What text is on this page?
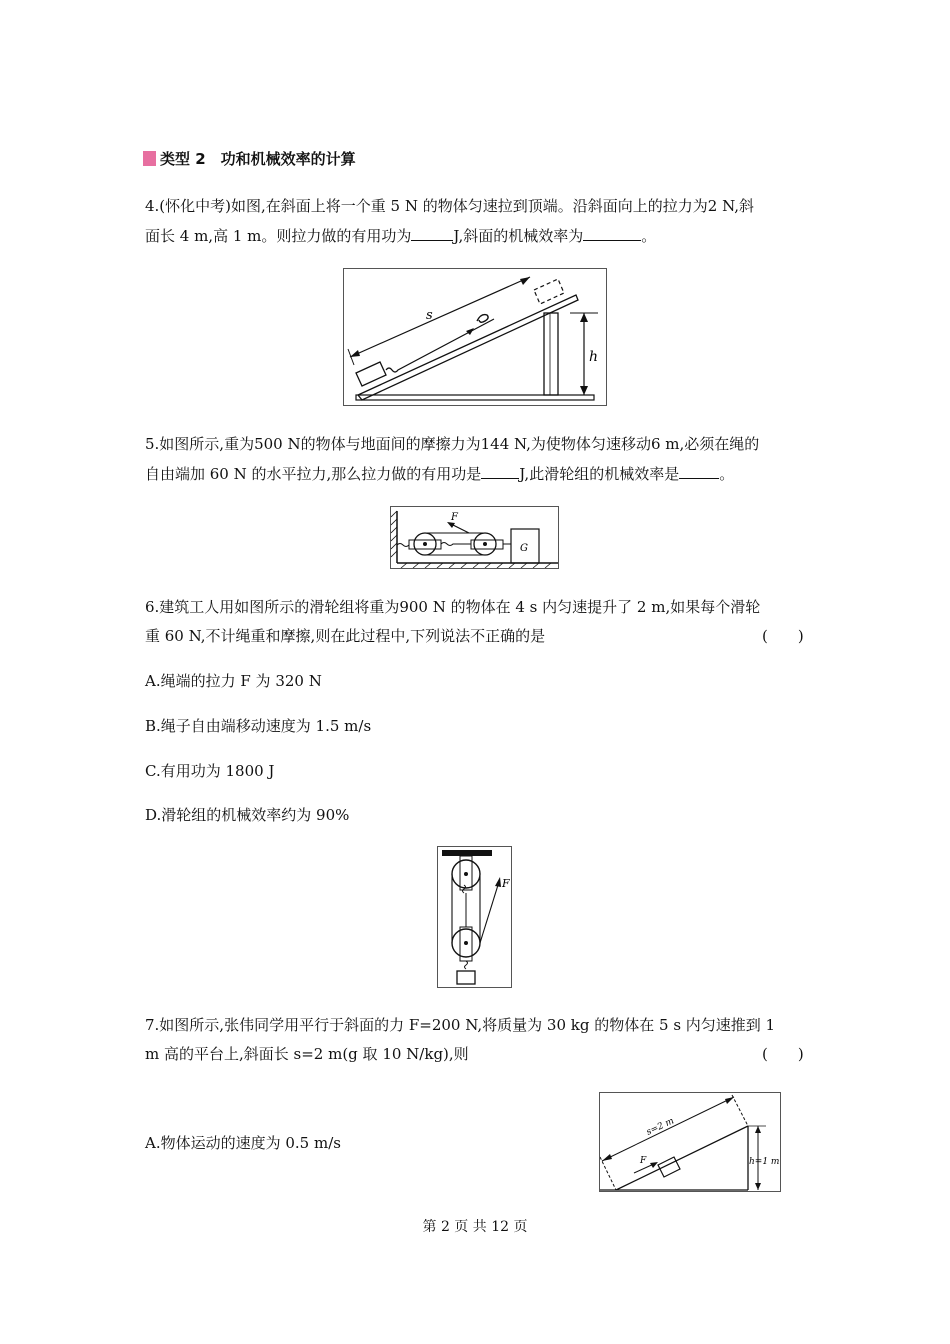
类型 2　功和机械效率的计算
4.(怀化中考)如图,在斜面上将一个重 5 N 的物体匀速拉到顶端。沿斜面向上的拉力为2 N,斜
面长 4 m,高 1 m。则拉力做的有用功为	J,斜面的机械效率为	。
s
h
5.如图所示,重为500 N的物体与地面间的摩擦力为144 N,为使物体匀速移动6 m,必须在绳的
自由端加 60 N 的水平拉力,那么拉力做的有用功是	J,此滑轮组的机械效率是	。
F
G
6.建筑工人用如图所示的滑轮组将重为900 N 的物体在 4 s 内匀速提升了 2 m,如果每个滑轮
重 60 N,不计绳重和摩擦,则在此过程中,下列说法不正确的是	(　　)
A.绳端的拉力 F 为 320 N
B.绳子自由端移动速度为 1.5 m/s
C.有用功为 1800 J
D.滑轮组的机械效率约为 90%
F
7.如图所示,张伟同学用平行于斜面的力 F=200 N,将质量为 30 kg 的物体在 5 s 内匀速推到 1
m 高的平台上,斜面长 s=2 m(g 取 10 N/kg),则	(　　)
A.物体运动的速度为 0.5 m/s
s=2 m
F	h=1 m
第 2 页 共 12 页
